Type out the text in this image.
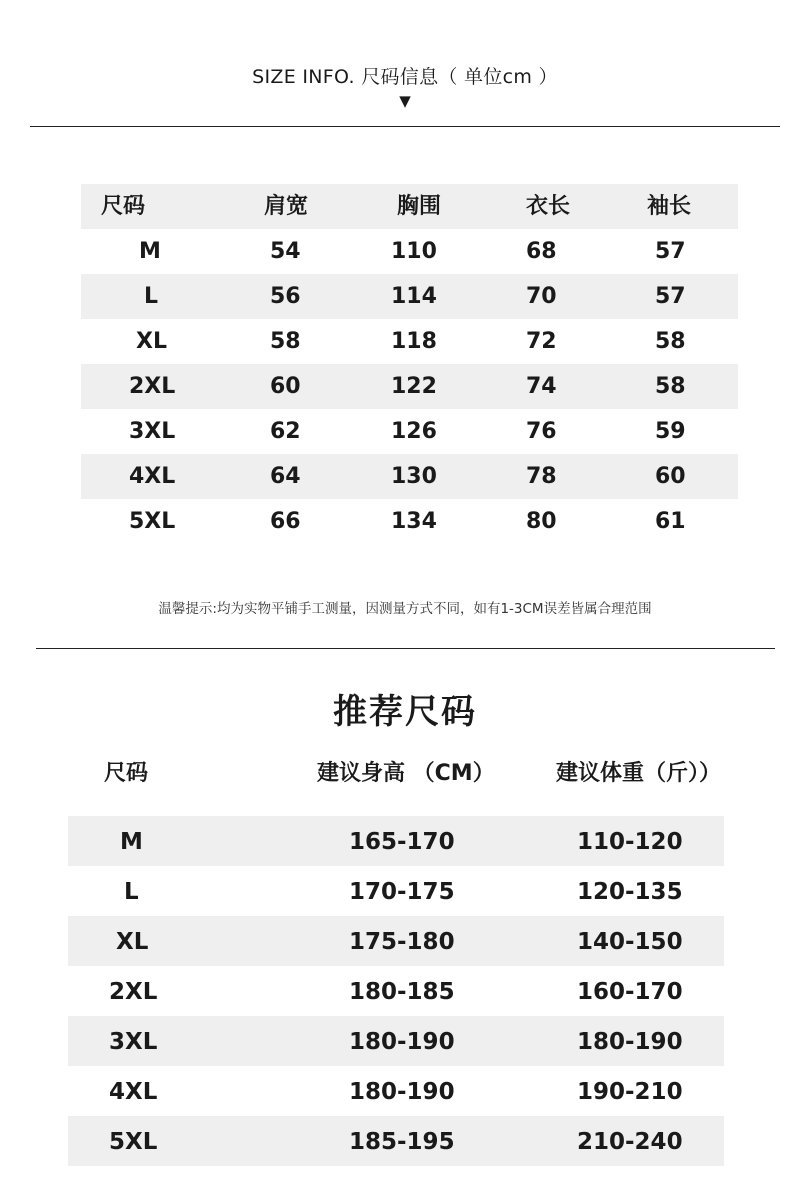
SIZE INFO. 尺码信息（ 单位cm ）
▼
尺码	肩宽	胸围	衣长	袖长
M	54	110	68	57
L	56	114	70	57
XL	58	118	72	58
2XL	60	122	74	58
3XL	62	126	76	59
4XL	64	130	78	60
5XL	66	134	80	61
温馨提示:均为实物平铺手工测量，因测量方式不同，如有1-3CM误差皆属合理范围
推荐尺码
尺码	建议身高 （CM）	建议体重（斤））
M	165-170	110-120
L	170-175	120-135
XL	175-180	140-150
2XL	180-185	160-170
3XL	180-190	180-190
4XL	180-190	190-210
5XL	185-195	210-240
